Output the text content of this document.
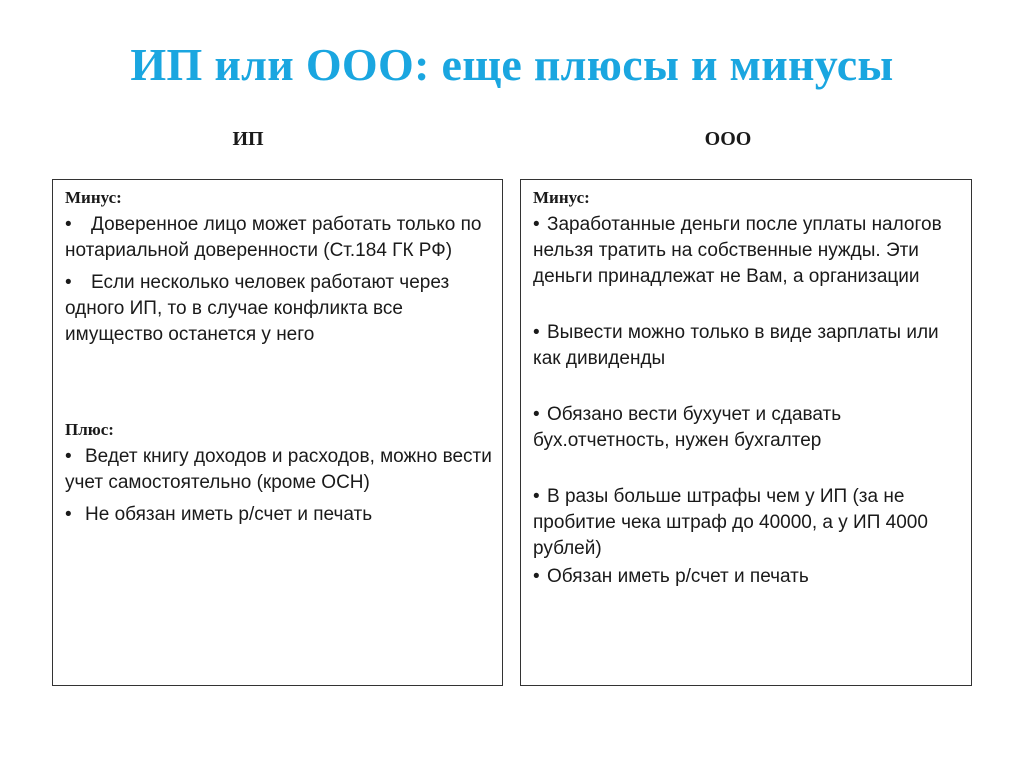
ИП или ООО: еще плюсы и минусы
ИП	ООО
Минус:
• Доверенное лицо может работать только по нотариальной доверенности (Ст.184 ГК РФ)
• Если несколько человек работают через одного ИП, то в случае конфликта все имущество останется у него
Плюс:
• Ведет книгу доходов и расходов, можно вести учет самостоятельно (кроме ОСН)
• Не обязан иметь р/счет и печать
Минус:
• Заработанные деньги после уплаты налогов нельзя тратить на собственные нужды. Эти деньги принадлежат не Вам, а организации
• Вывести можно только в виде зарплаты или как дивиденды
• Обязано вести бухучет и сдавать бух.отчетность, нужен бухгалтер
• В разы больше штрафы чем у ИП (за не пробитие чека штраф до 40000, а у ИП 4000 рублей)
• Обязан иметь р/счет и печать
